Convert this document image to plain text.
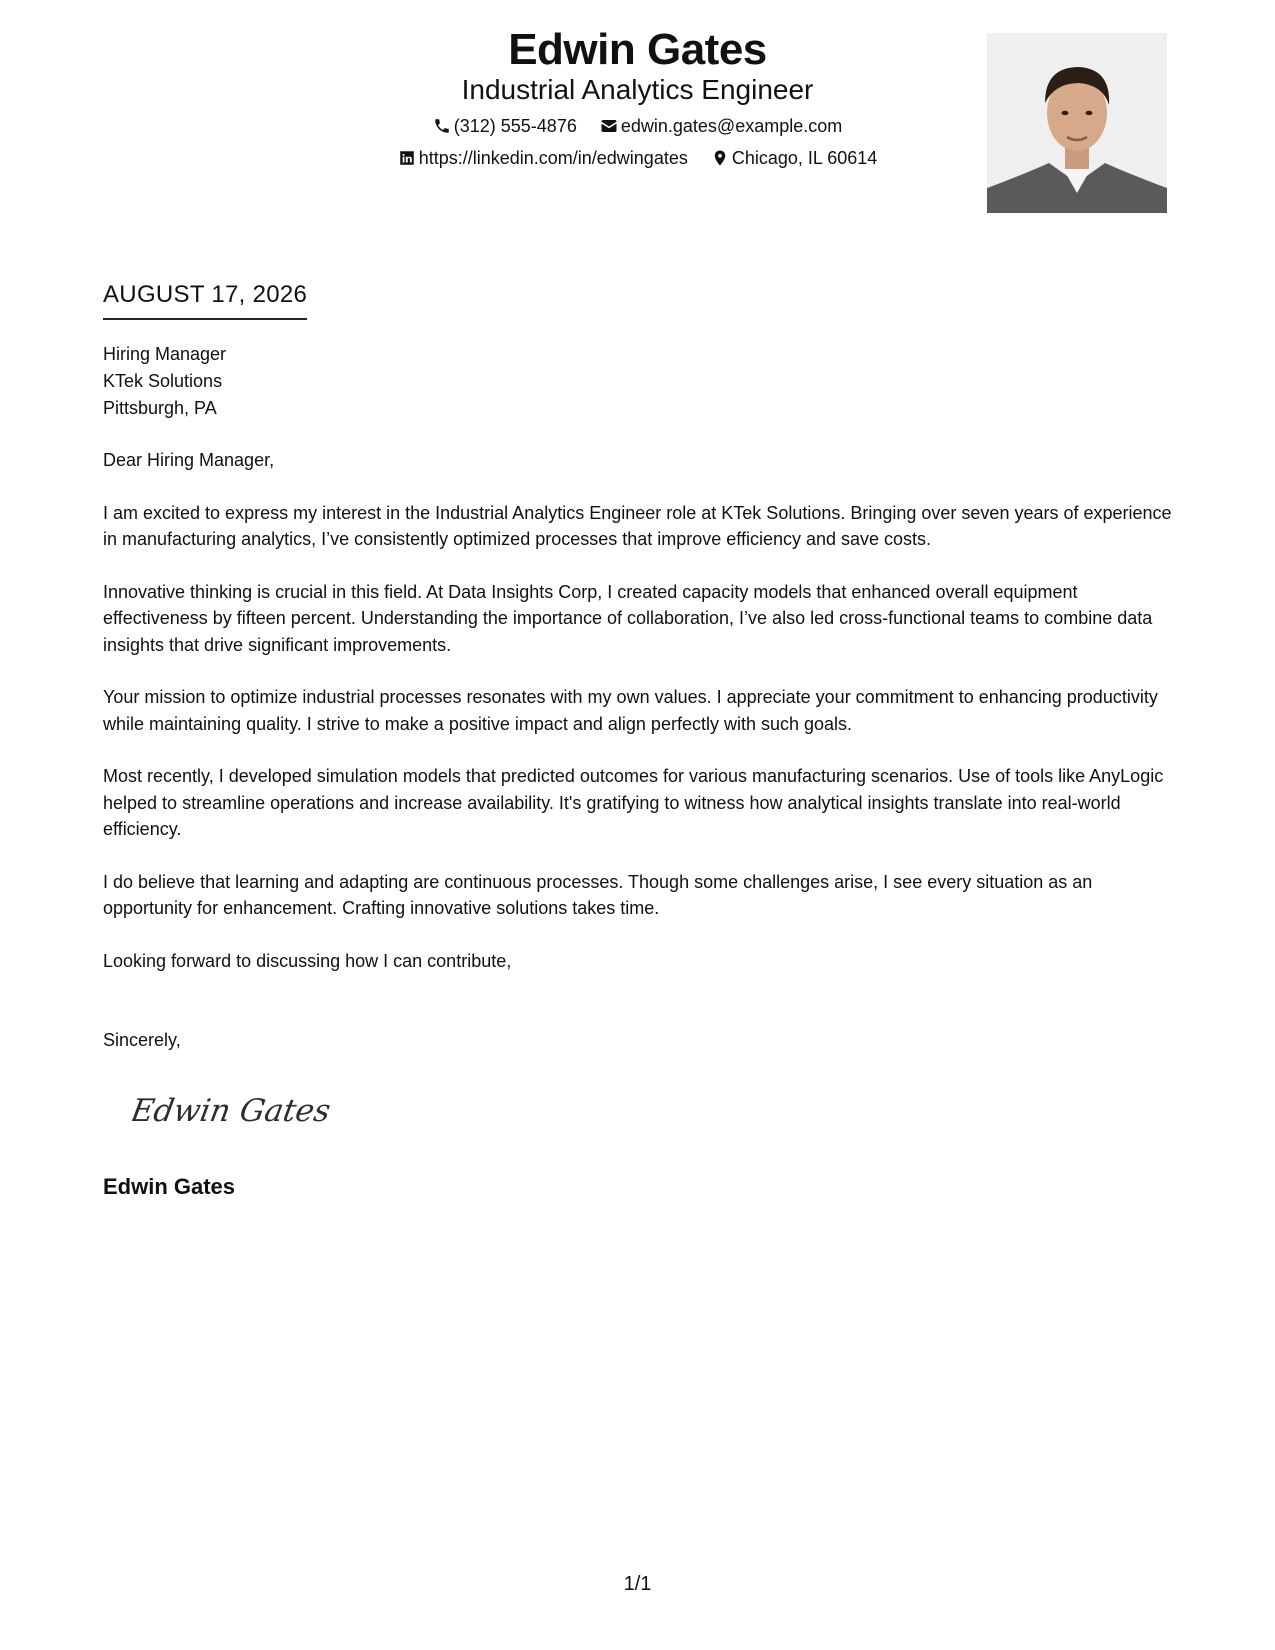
Edwin Gates
Industrial Analytics Engineer
(312) 555-4876
edwin.gates@example.com
https://linkedin.com/in/edwingates
Chicago, IL 60614
AUGUST 17, 2026
Hiring Manager
KTek Solutions
Pittsburgh, PA

Dear Hiring Manager,

I am excited to express my interest in the Industrial Analytics Engineer role at KTek Solutions. Bringing over seven years of experience in manufacturing analytics, I’ve consistently optimized processes that improve efficiency and save costs.

Innovative thinking is crucial in this field. At Data Insights Corp, I created capacity models that enhanced overall equipment effectiveness by fifteen percent. Understanding the importance of collaboration, I’ve also led cross-functional teams to combine data insights that drive significant improvements.

Your mission to optimize industrial processes resonates with my own values. I appreciate your commitment to enhancing productivity while maintaining quality. I strive to make a positive impact and align perfectly with such goals.

Most recently, I developed simulation models that predicted outcomes for various manufacturing scenarios. Use of tools like AnyLogic helped to streamline operations and increase availability. It's gratifying to witness how analytical insights translate into real-world efficiency.

I do believe that learning and adapting are continuous processes. Though some challenges arise, I see every situation as an opportunity for enhancement. Crafting innovative solutions takes time.

Looking forward to discussing how I can contribute,

Sincerely,
Edwin Gates
Edwin Gates
1/1
